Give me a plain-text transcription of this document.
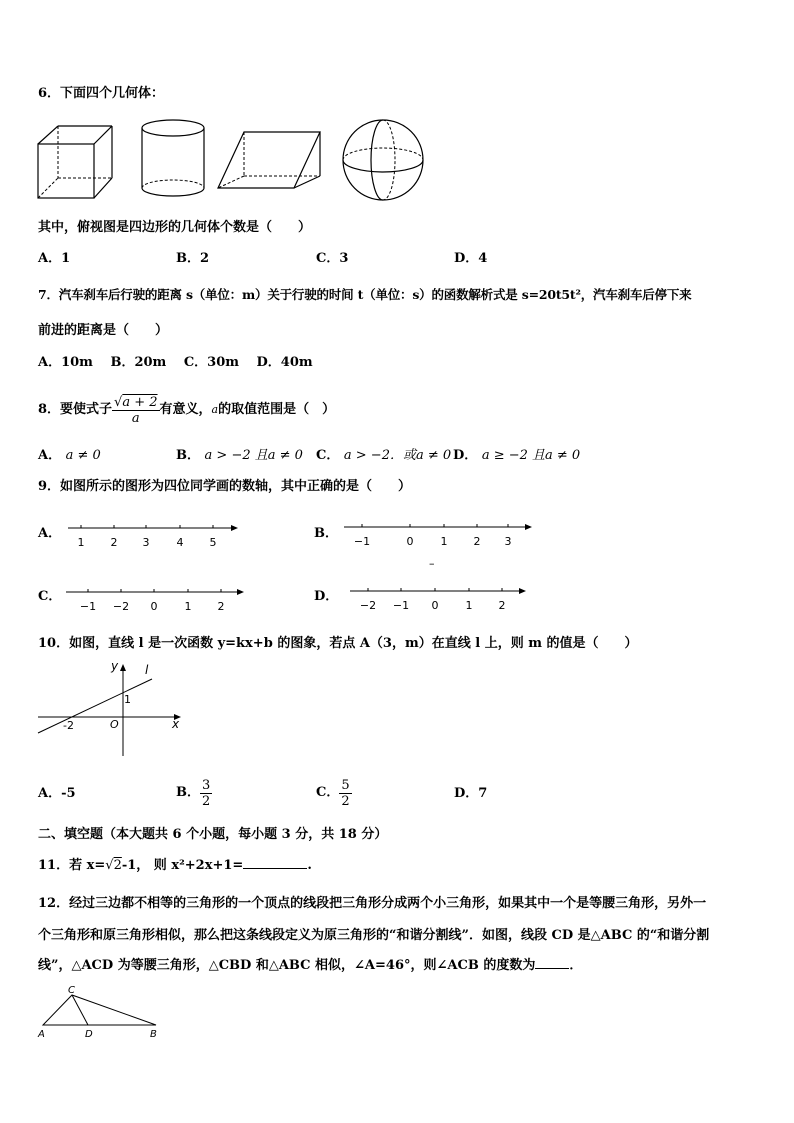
6．下面四个几何体：
其中，俯视图是四边形的几何体个数是（　　）
A．1	B．2	C．3	D．4
7．汽车刹车后行驶的距离 s（单位：m）关于行驶的时间 t（单位：s）的函数解析式是 s=20t5t²，汽车刹车后停下来
前进的距离是（　　）
A．10m　 B．20m　 C．30m　 D．40m
8．要使式子 $\frac{√a + 2}{a}$ 有意义， a 的取值范围是（　）
A． a ≠ 0	B． a > −2 且a ≠ 0 C． a > −2．或a ≠ 0 D． a ≥ −2 且a ≠ 0
9．如图所示的图形为四位同学画的数轴，其中正确的是（　　）
A．
1 2 3 4 5
B．
−1	0 1 2 3
–
C．
−1 −2 0 1 2
D．
−2 −1 0 1 2
10．如图，直线 l 是一次函数 y=kx+b 的图象，若点 A（3，m）在直线 l 上，则 m 的值是（　　）
y l
1
-2	O	x
A．-5	B． $\frac{3}{2}$	C． $\frac{5}{2}$	D．7
二、填空题（本大题共 6 个小题，每小题 3 分，共 18 分）
11．若 x=√2-1， 则 x²+2x+1=	.
12．经过三边都不相等的三角形的一个顶点的线段把三角形分成两个小三角形，如果其中一个是等腰三角形，另外一
个三角形和原三角形相似，那么把这条线段定义为原三角形的“和谐分割线”．如图，线段 CD 是△ABC 的“和谐分割
线”，△ACD 为等腰三角形，△CBD 和△ABC 相似，∠A=46°，则∠ACB 的度数为	．
C
A	D	B
